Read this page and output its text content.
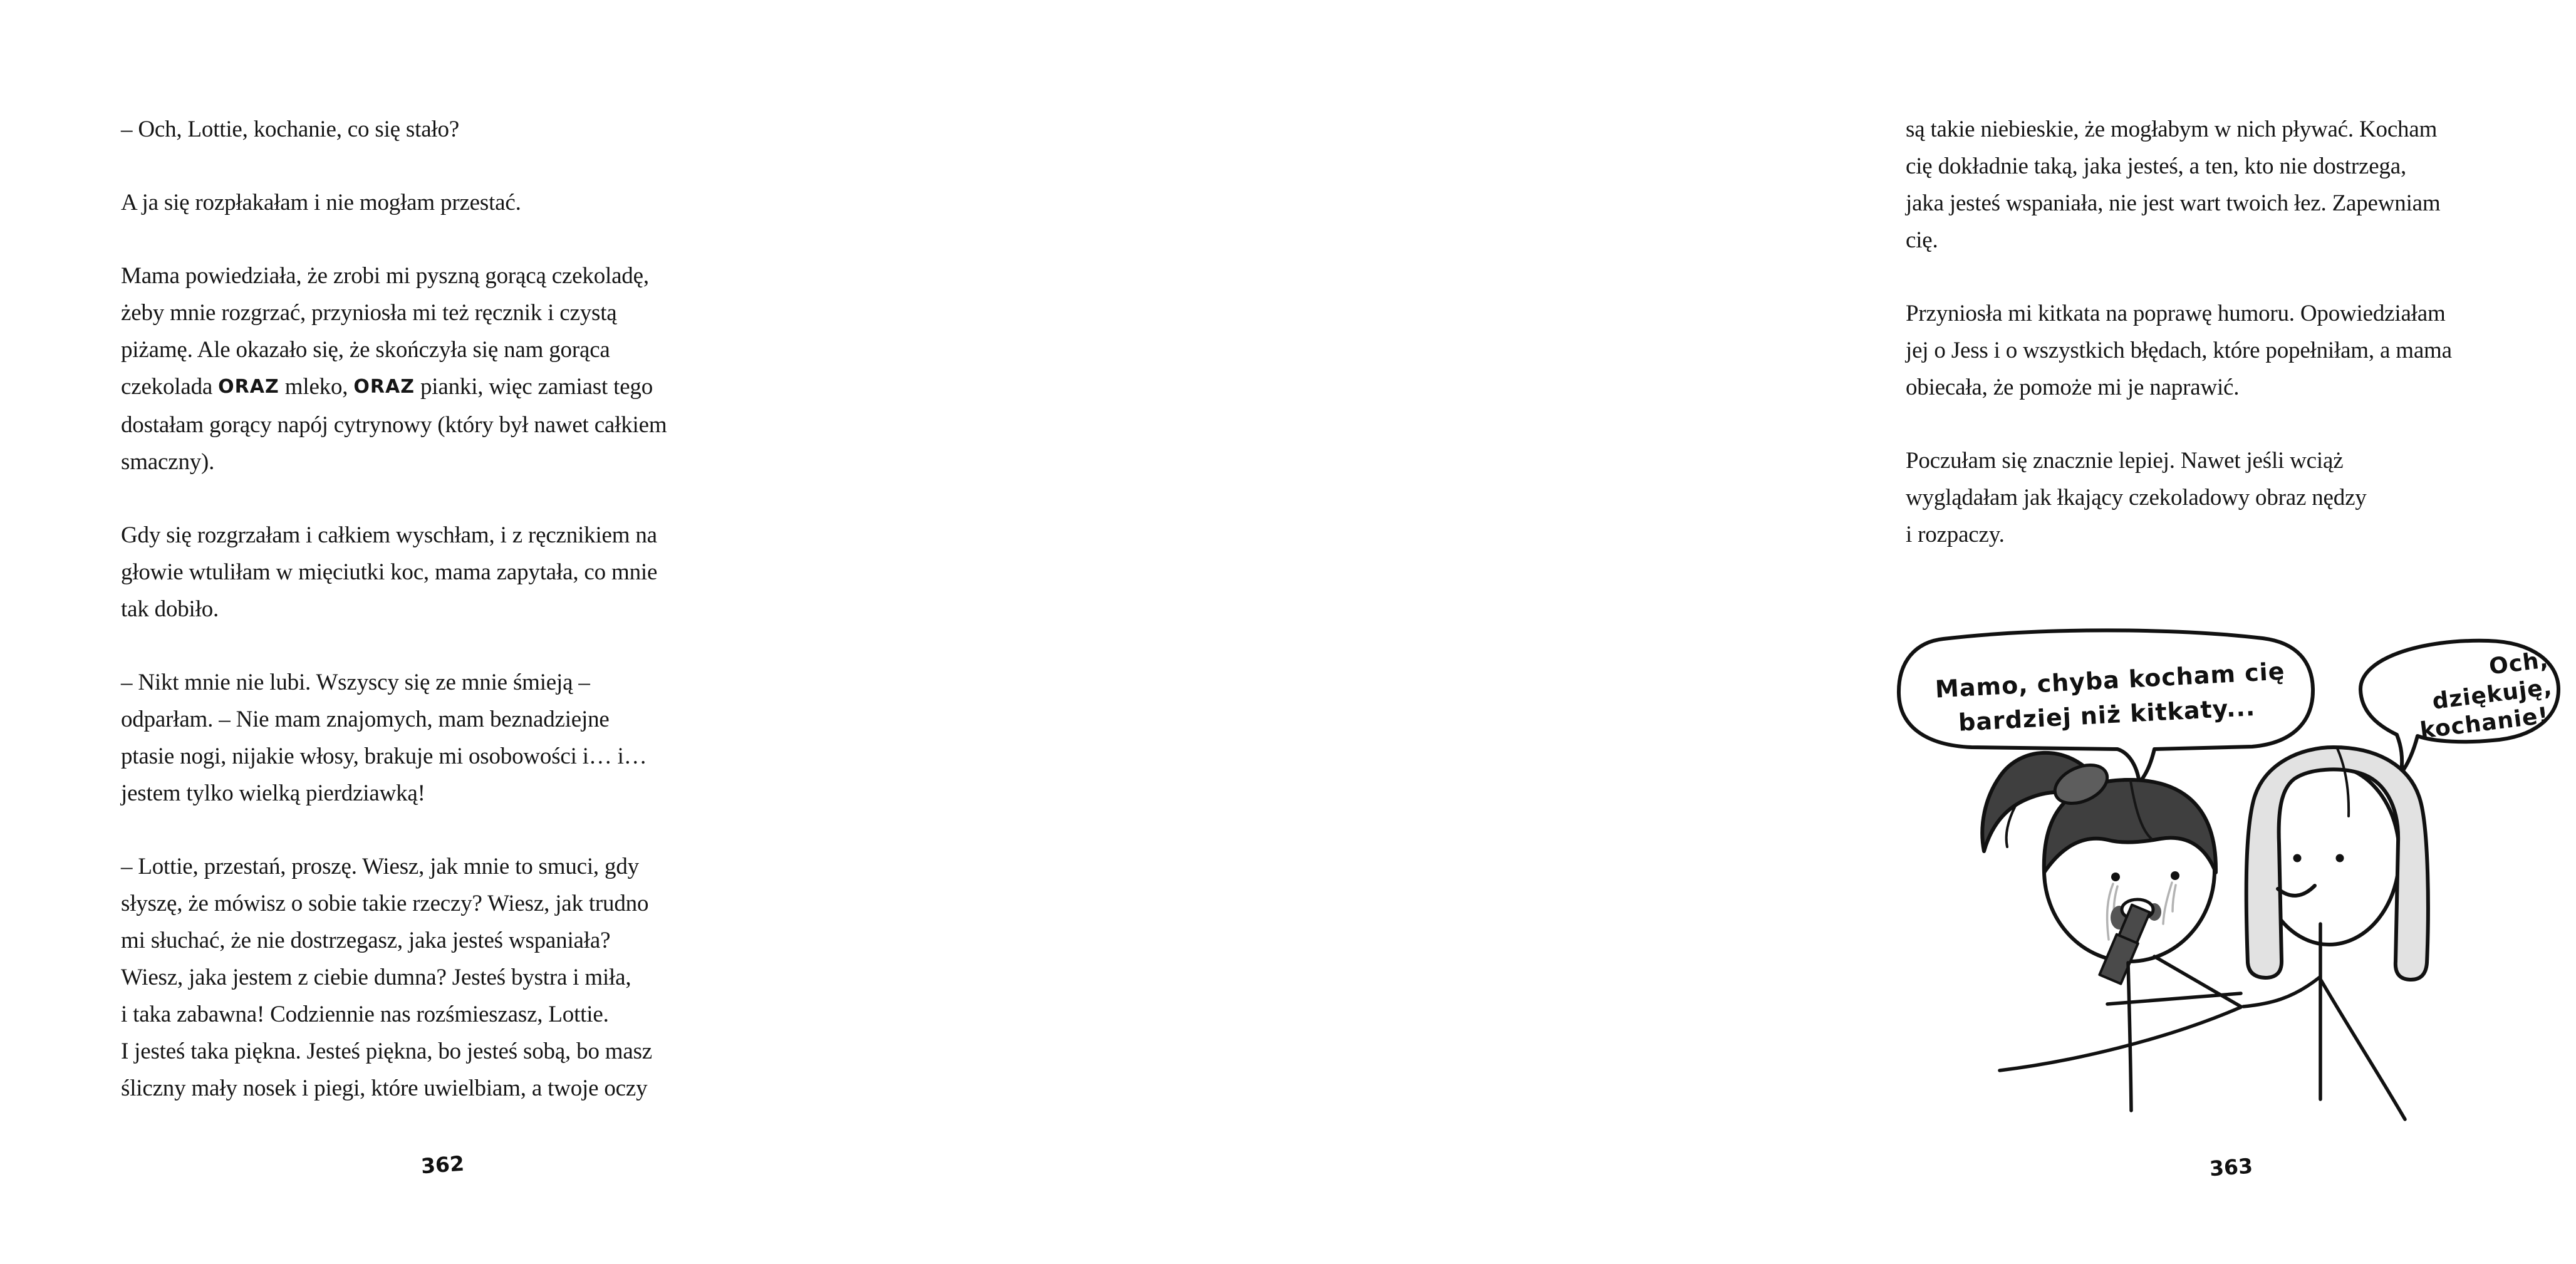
– Och, Lottie, kochanie, co się stało?
A ja się rozpłakałam i nie mogłam przestać.
Mama powiedziała, że zrobi mi pyszną gorącą czekoladę,
żeby mnie rozgrzać, przyniosła mi też ręcznik i czystą
piżamę. Ale okazało się, że skończyła się nam gorąca
czekolada ORAZ mleko, ORAZ pianki, więc zamiast tego
dostałam gorący napój cytrynowy (który był nawet całkiem
smaczny).
Gdy się rozgrzałam i całkiem wyschłam, i z ręcznikiem na
głowie wtuliłam w mięciutki koc, mama zapytała, co mnie
tak dobiło.
– Nikt mnie nie lubi. Wszyscy się ze mnie śmieją –
odparłam. – Nie mam znajomych, mam beznadziejne
ptasie nogi, nijakie włosy, brakuje mi osobowości i… i…
jestem tylko wielką pierdziawką!
– Lottie, przestań, proszę. Wiesz, jak mnie to smuci, gdy
słyszę, że mówisz o sobie takie rzeczy? Wiesz, jak trudno
mi słuchać, że nie dostrzegasz, jaka jesteś wspaniała?
Wiesz, jaka jestem z ciebie dumna? Jesteś bystra i miła,
i taka zabawna! Codziennie nas rozśmieszasz, Lottie.
I jesteś taka piękna. Jesteś piękna, bo jesteś sobą, bo masz
śliczny mały nosek i piegi, które uwielbiam, a twoje oczy
362
są takie niebieskie, że mogłabym w nich pływać. Kocham
cię dokładnie taką, jaka jesteś, a ten, kto nie dostrzega,
jaka jesteś wspaniała, nie jest wart twoich łez. Zapewniam
cię.
Przyniosła mi kitkata na poprawę humoru. Opowiedziałam
jej o Jess i o wszystkich błędach, które popełniłam, a mama
obiecała, że pomoże mi je naprawić.
Poczułam się znacznie lepiej. Nawet jeśli wciąż
wyglądałam jak łkający czekoladowy obraz nędzy
i rozpaczy.
363
Mamo, chyba kocham cię
bardziej niż kitkaty...
Och,
dziękuję,
kochanie!
